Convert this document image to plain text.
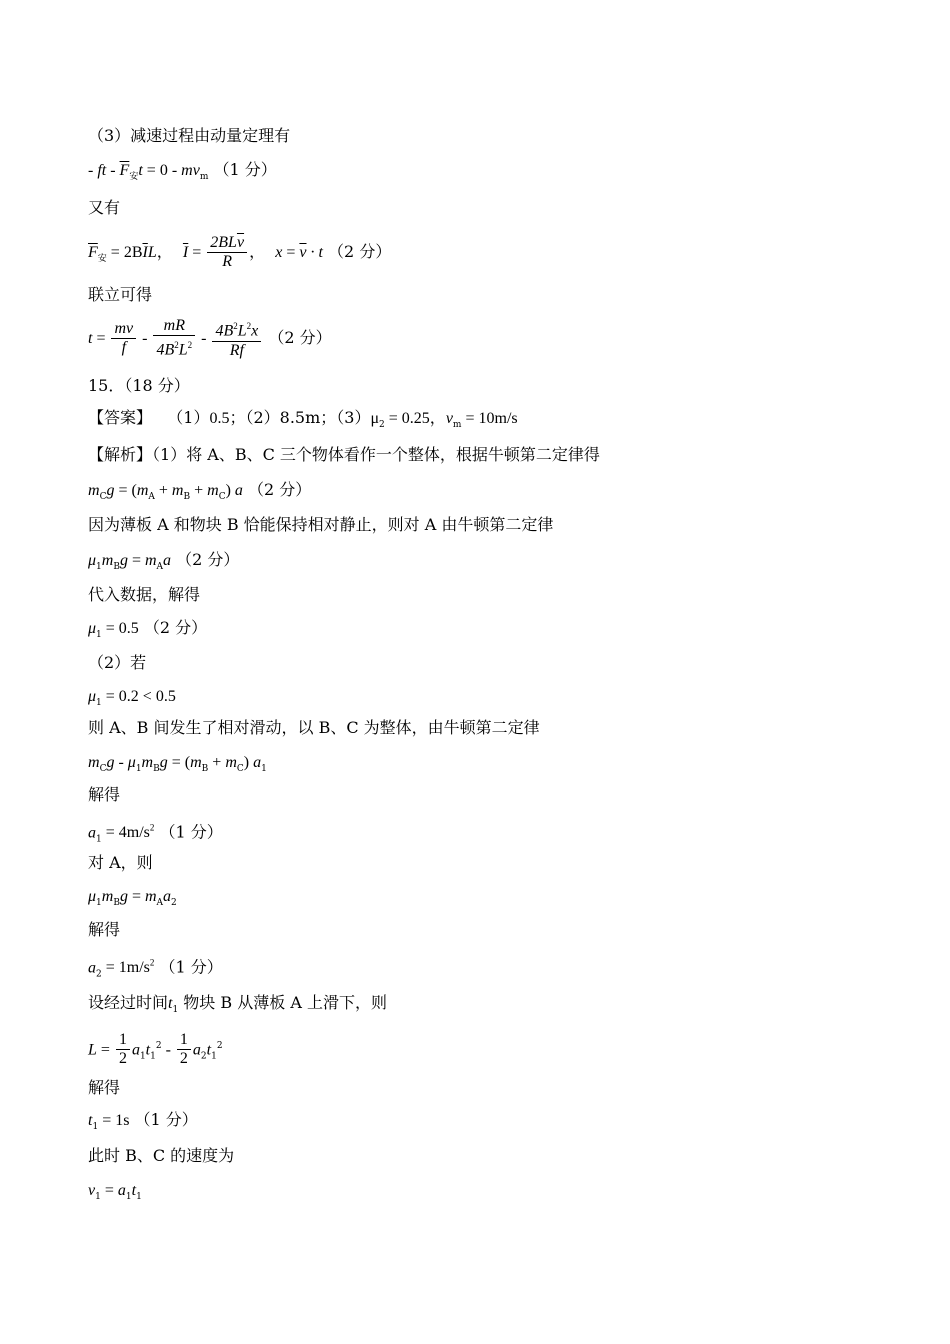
（3）减速过程由动量定理有
- ft - $\overline{F}_安t = 0 - mv_m$ （1 分）
又有
$\overline{F}_安 = 2B\overline{I}L$， $\overline{I} = \frac{2BL\overline{v}}{R}$ ， $x = \overline{v} \cdot t$ （2 分）
联立可得
$t = \frac{mv}{f} - \frac{mR}{4B^2L^2} - \frac{4B^2L^2x}{Rf} (2$ 分）
15．（18 分）
【答案】 （1）0.5；（2）8.5m；$(3)\mu_2 = 0.25$，$v_m = 10m/s$
【解析】（1）将 A、B、C 三个物体看作一个整体，根据牛顿第二定律得
$m_Cg = (m_A + m_B + m_C)$ a （2 分）
因为薄板 A 和物块 B 恰能保持相对静止，则对 A 由牛顿第二定律
$\mu_1m_Bg = m_Aa$ （2 分）
代入数据，解得
$\mu_1 = 0.5$ （2 分）
（2）若
$\mu_1 = 0.2 < 0.5$
则 A、B 间发生了相对滑动，以 B、C 为整体，由牛顿第二定律
$m_Cg - \mu_1m_Bg = (m_B + m_C)$ $a_1$
解得
$a_1 = 4m/s^2$ （1 分）
对 A，则
$\mu_1m_Bg = m_Aa_2$
解得
$a_2 = 1m/s^2$ （1 分）
设经过时间$t_1$ 物块 B 从薄板 A 上滑下，则
$L = \frac{1}{2} a_1t_1^2 - \frac{1}{2} a_2t_1^2$
解得
$t_1 = 1s$ （1 分）
此时 B、C 的速度为
$v_1 = a_1t_1$
